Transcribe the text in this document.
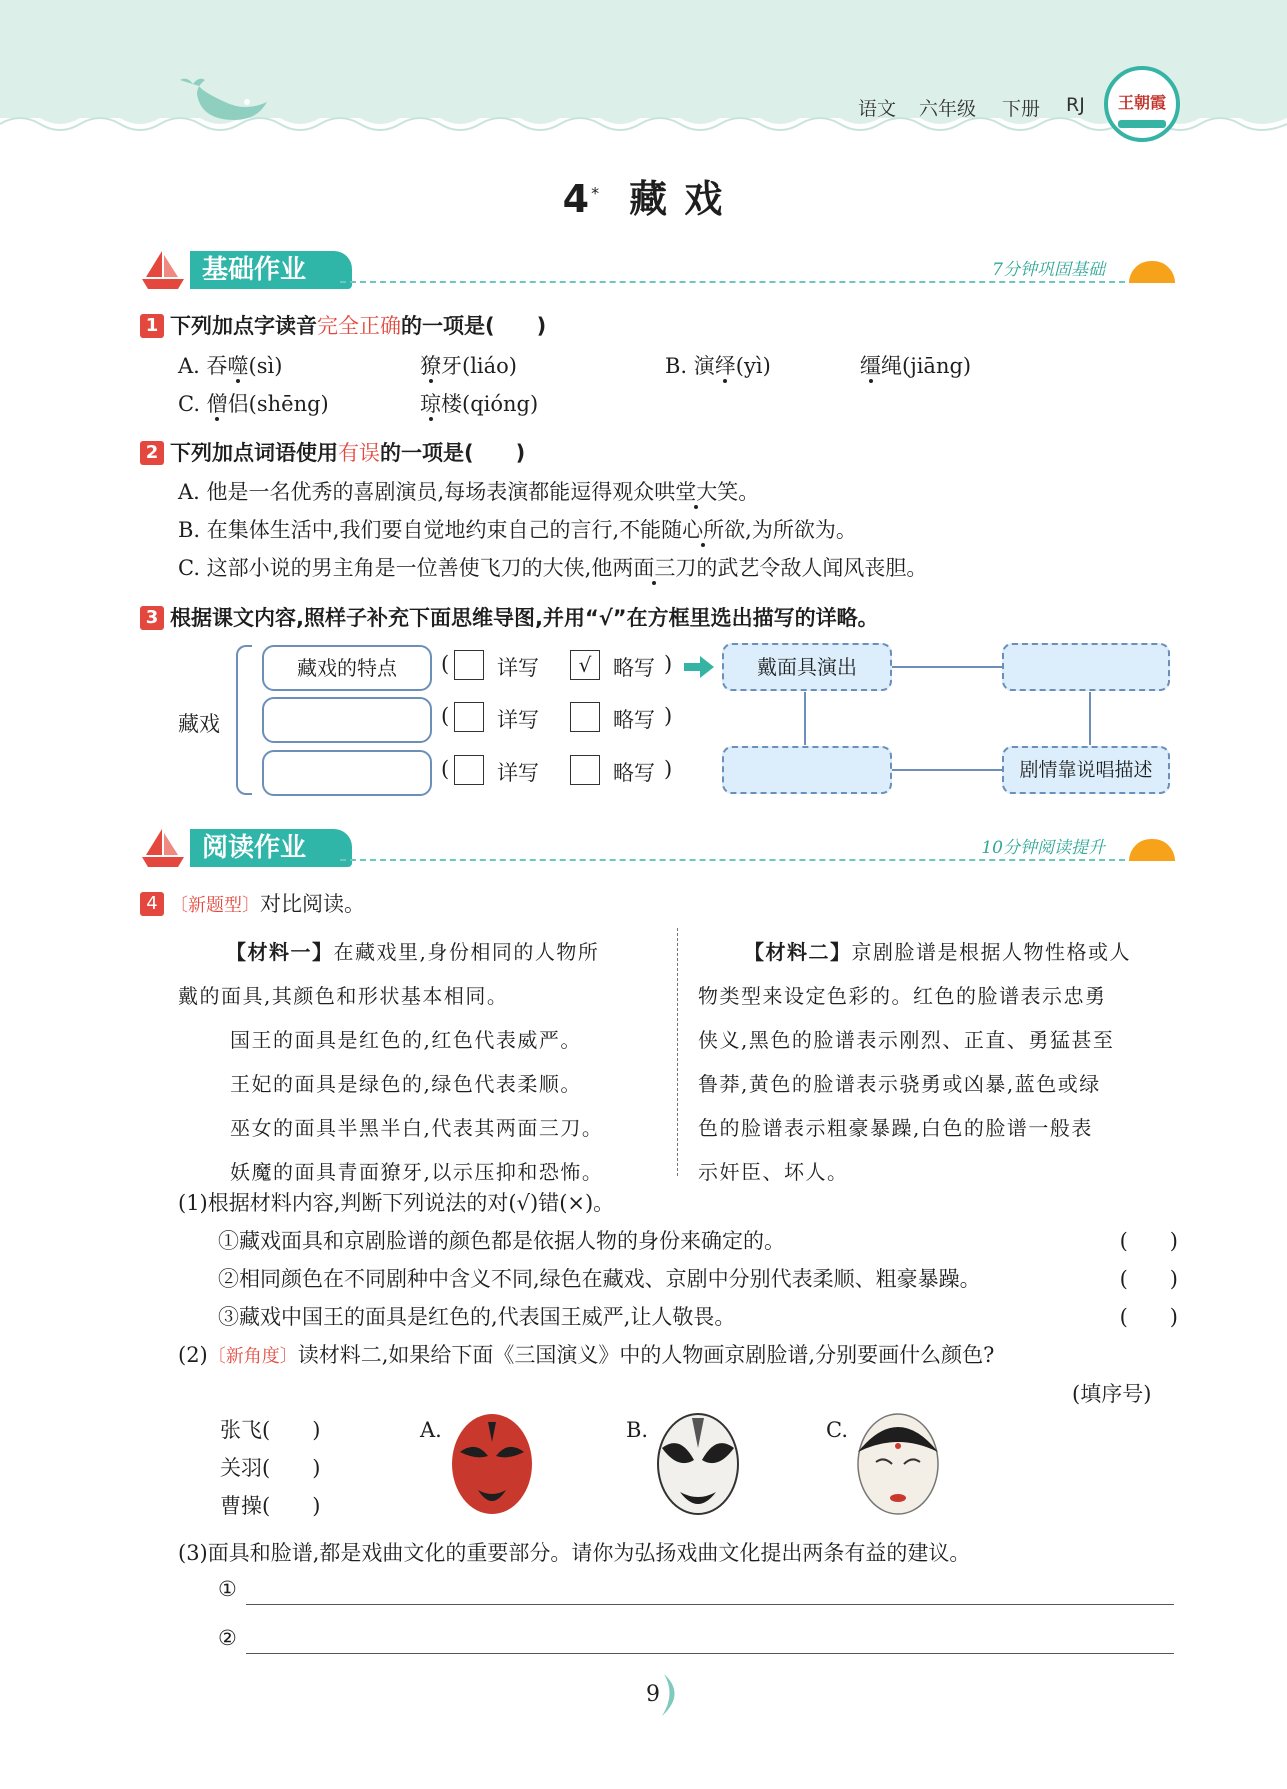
语文 六年级 下册 RJ	王朝霞
4* 藏 戏
基础作业	7分钟巩固基础
1 下列加点字读音完全正确的一项是(　　)
A. 吞噬(sì)	獠牙(liáo)	B. 演绎(yì)	缰绳(jiāng)
C. 僧侣(shēng)	琼楼(qióng)
2 下列加点词语使用有误的一项是(　　)
A. 他是一名优秀的喜剧演员,每场表演都能逗得观众哄堂大笑。
B. 在集体生活中,我们要自觉地约束自己的言行,不能随心所欲,为所欲为。
C. 这部小说的男主角是一位善使飞刀的大侠,他两面三刀的武艺令敌人闻风丧胆。
3 根据课文内容,照样子补充下面思维导图,并用“√”在方框里选出描写的详略。
藏戏
藏戏的特点	( 详写	√	略写 )
( 详写	略写 )
( 详写	略写 )
戴面具演出
剧情靠说唱描述
阅读作业	10分钟阅读提升
4 〔新题型〕对比阅读。
【材料一】在藏戏里,身份相同的人物所
戴的面具,其颜色和形状基本相同。
国王的面具是红色的,红色代表威严。
王妃的面具是绿色的,绿色代表柔顺。
巫女的面具半黑半白,代表其两面三刀。
妖魔的面具青面獠牙,以示压抑和恐怖。
【材料二】京剧脸谱是根据人物性格或人
物类型来设定色彩的。红色的脸谱表示忠勇
侠义,黑色的脸谱表示刚烈、正直、勇猛甚至
鲁莽,黄色的脸谱表示骁勇或凶暴,蓝色或绿
色的脸谱表示粗豪暴躁,白色的脸谱一般表
示奸臣、坏人。
(1)根据材料内容,判断下列说法的对(√)错(×)。
①藏戏面具和京剧脸谱的颜色都是依据人物的身份来确定的。	(　　)
②相同颜色在不同剧种中含义不同,绿色在藏戏、京剧中分别代表柔顺、粗豪暴躁。	(　　)
③藏戏中国王的面具是红色的,代表国王威严,让人敬畏。	(　　)
(2)〔新角度〕读材料二,如果给下面《三国演义》中的人物画京剧脸谱,分别要画什么颜色?
(填序号)
张飞(　　)
关羽(　　)
曹操(　　)
A.	B.	C.
(3)面具和脸谱,都是戏曲文化的重要部分。请你为弘扬戏曲文化提出两条有益的建议。
①
②
9
